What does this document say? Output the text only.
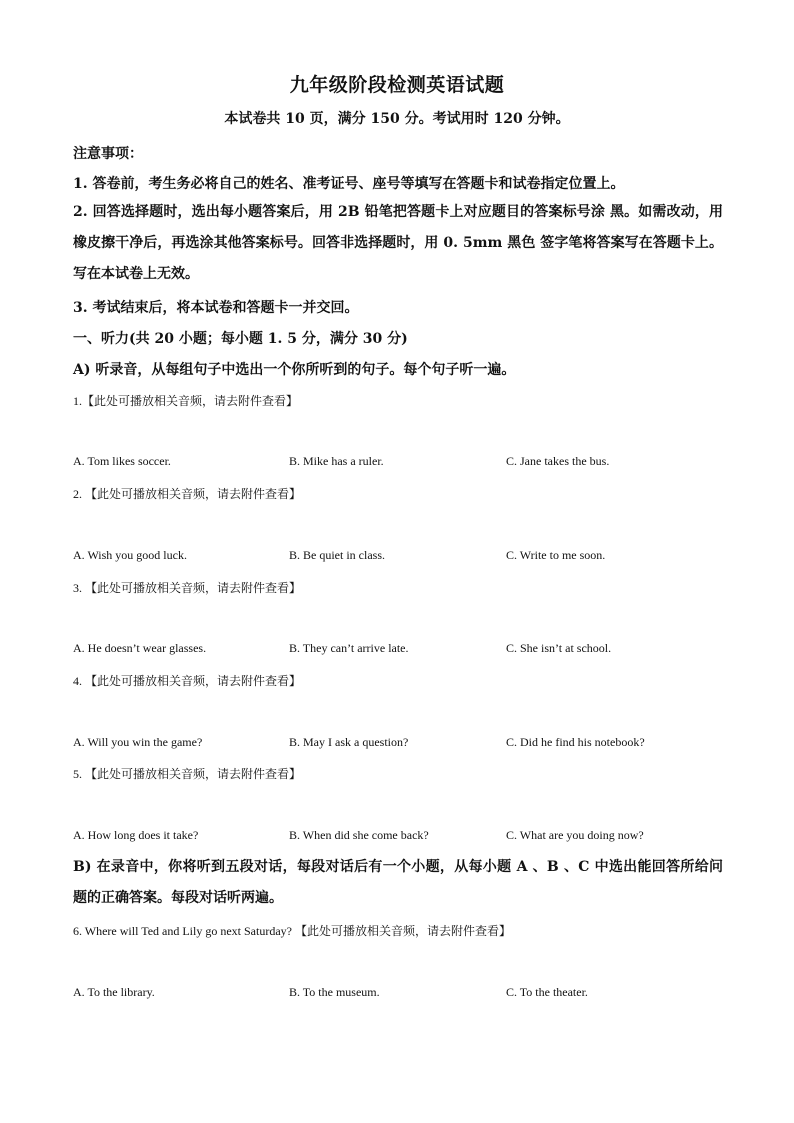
九年级阶段检测英语试题
本试卷共 10 页，满分 150 分。考试用时 120 分钟。
注意事项：
1. 答卷前，考生务必将自己的姓名、准考证号、座号等填写在答题卡和试卷指定位置上。
2. 回答选择题时，选出每小题答案后，用 2B 铅笔把答题卡上对应题目的答案标号涂 黑。如需改动，用橡皮擦干净后，再选涂其他答案标号。回答非选择题时，用 0. 5mm 黑色 签字笔将答案写在答题卡上。写在本试卷上无效。
3. 考试结束后，将本试卷和答题卡一并交回。
一、听力(共 20 小题；每小题 1. 5 分，满分 30 分)
A) 听录音，从每组句子中选出一个你所听到的句子。每个句子听一遍。
1.【此处可播放相关音频，请去附件查看】
A. Tom likes soccer.	B. Mike has a ruler.	C. Jane takes the bus.
2. 【此处可播放相关音频，请去附件查看】
A. Wish you good luck.	B. Be quiet in class.	C. Write to me soon.
3. 【此处可播放相关音频，请去附件查看】
A. He doesn’t wear glasses.	B. They can’t arrive late.	C. She isn’t at school.
4. 【此处可播放相关音频，请去附件查看】
A. Will you win the game?	B. May I ask a question?	C. Did he find his notebook?
5. 【此处可播放相关音频，请去附件查看】
A. How long does it take?	B. When did she come back?	C. What are you doing now?
B) 在录音中，你将听到五段对话，每段对话后有一个小题，从每小题 A 、B 、C 中选出能回答所给问题的正确答案。每段对话听两遍。
6. Where will Ted and Lily go next Saturday? 【此处可播放相关音频，请去附件查看】
A. To the library.	B. To the museum.	C. To the theater.
